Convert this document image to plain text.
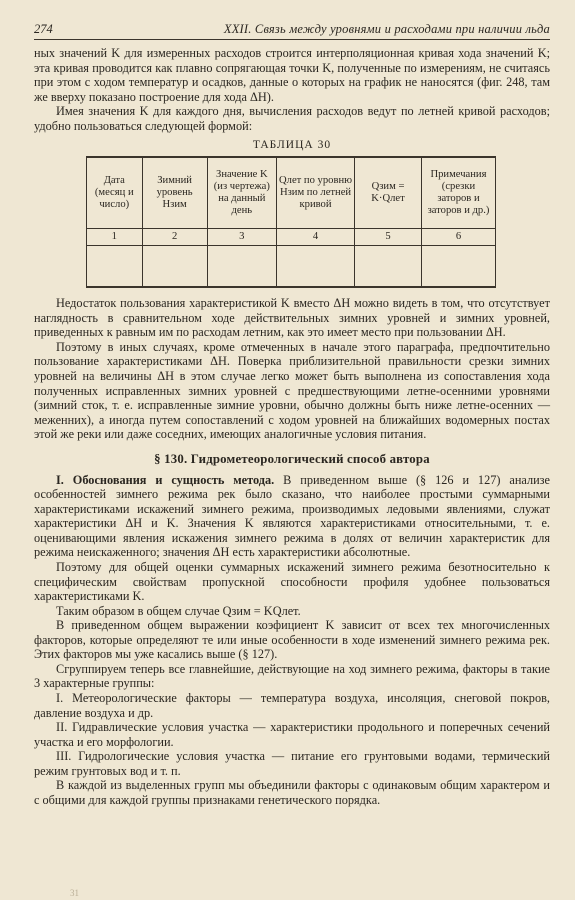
274	XXII. Связь между уровнями и расходами при наличии льда

ных значений K для измеренных расходов строится интерполяционная кривая хода значений K; эта кривая проводится как плавно сопрягающая точки K, полученные по измерениям, не считаясь при этом с ходом температур и осадков, данные о которых на график не наносятся (фиг. 248, там же вверху показано построение для хода ΔH).

Имея значения K для каждого дня, вычисления расходов ведут по летней кривой расходов; удобно пользоваться следующей формой:

ТАБЛИЦА 30
Дата (месяц и число)	Зимний уровень Hзим	Значение K (из чертежа) на данный день	Qлет по уровню Hзим по летней кривой	Qзим = K·Qлет	Примечания (срезки заторов и заторов и др.)
1	2	3	4	5	6

Недостаток пользования характеристикой K вместо ΔH можно видеть в том, что отсутствует наглядность в сравнительном ходе действительных зимних уровней и зимних уровней, приведенных к равным им по расходам летним, как это имеет место при пользовании ΔH.

Поэтому в иных случаях, кроме отмеченных в начале этого параграфа, предпочтительно пользование характеристиками ΔH. Поверка приблизительной правильности срезки зимних уровней на величины ΔH в этом случае легко может быть выполнена из сопоставления хода полученных исправленных зимних уровней с предшествующими летне-осенними уровнями (зимний сток, т. е. исправленные зимние уровни, обычно должны быть ниже летне-осенних — меженних), а иногда путем сопоставлений с ходом уровней на ближайших водомерных постах этой же реки или даже соседних, имеющих аналогичные условия питания.

§ 130. Гидрометеорологический способ автора

I. Обоснования и сущность метода. В приведенном выше (§ 126 и 127) анализе особенностей зимнего режима рек было сказано, что наиболее простыми суммарными характеристиками искажений зимнего режима, производимых ледовыми явлениями, служат характеристики ΔH и K. Значения K являются характеристиками относительными, т. е. оценивающими явления искажения зимнего режима в долях от величин характеристик для режима неискаженного; значения ΔH есть характеристики абсолютные.

Поэтому для общей оценки суммарных искажений зимнего режима безотносительно к специфическим свойствам пропускной способности профиля удобнее пользоваться характеристиками K.

Таким образом в общем случае Qзим = KQлет.

В приведенном общем выражении коэфициент K зависит от всех тех многочисленных факторов, которые определяют те или иные особенности в ходе изменений зимнего режима рек. Этих факторов мы уже касались выше (§ 127).

Сгруппируем теперь все главнейшие, действующие на ход зимнего режима, факторы в такие 3 характерные группы:

I. Метеорологические факторы — температура воздуха, инсоляция, снеговой покров, давление воздуха и др.

II. Гидравлические условия участка — характеристики продольного и поперечных сечений участка и его морфологии.

III. Гидрологические условия участка — питание его грунтовыми водами, термический режим грунтовых вод и т. п.

В каждой из выделенных групп мы объединили факторы с одинаковым общим характером и с общими для каждой группы признаками генетического порядка.

31
